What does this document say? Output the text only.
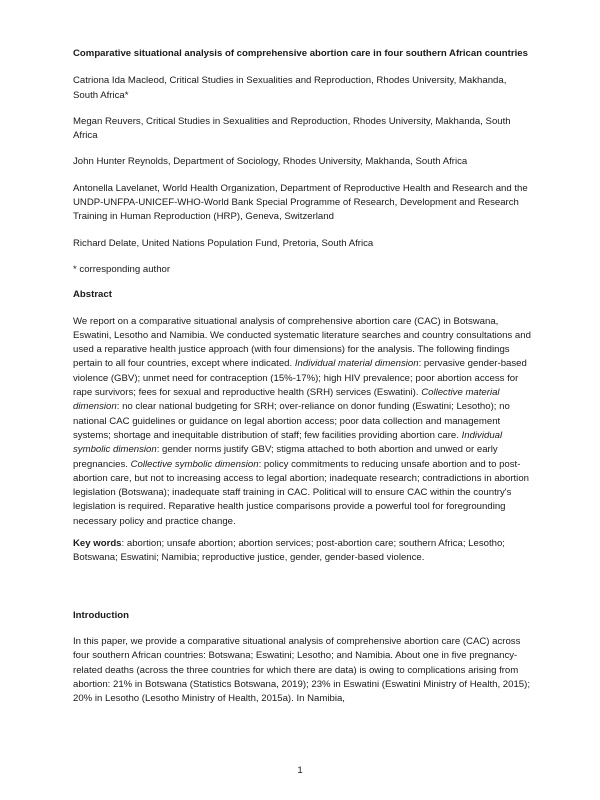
Comparative situational analysis of comprehensive abortion care in four southern African countries

Catriona Ida Macleod, Critical Studies in Sexualities and Reproduction, Rhodes University, Makhanda, South Africa*

Megan Reuvers, Critical Studies in Sexualities and Reproduction, Rhodes University, Makhanda, South Africa

John Hunter Reynolds, Department of Sociology, Rhodes University, Makhanda, South Africa

Antonella Lavelanet, World Health Organization, Department of Reproductive Health and Research and the UNDP-UNFPA-UNICEF-WHO-World Bank Special Programme of Research, Development and Research Training in Human Reproduction (HRP), Geneva, Switzerland

Richard Delate, United Nations Population Fund, Pretoria, South Africa

* corresponding author

Abstract

We report on a comparative situational analysis of comprehensive abortion care (CAC) in Botswana, Eswatini, Lesotho and Namibia. We conducted systematic literature searches and country consultations and used a reparative health justice approach (with four dimensions) for the analysis. The following findings pertain to all four countries, except where indicated. Individual material dimension: pervasive gender-based violence (GBV); unmet need for contraception (15%-17%); high HIV prevalence; poor abortion access for rape survivors; fees for sexual and reproductive health (SRH) services (Eswatini). Collective material dimension: no clear national budgeting for SRH; over-reliance on donor funding (Eswatini; Lesotho); no national CAC guidelines or guidance on legal abortion access; poor data collection and management systems; shortage and inequitable distribution of staff; few facilities providing abortion care. Individual symbolic dimension: gender norms justify GBV; stigma attached to both abortion and unwed or early pregnancies. Collective symbolic dimension: policy commitments to reducing unsafe abortion and to post-abortion care, but not to increasing access to legal abortion; inadequate research; contradictions in abortion legislation (Botswana); inadequate staff training in CAC. Political will to ensure CAC within the country's legislation is required. Reparative health justice comparisons provide a powerful tool for foregrounding necessary policy and practice change.

Key words: abortion; unsafe abortion; abortion services; post-abortion care; southern Africa; Lesotho; Botswana; Eswatini; Namibia; reproductive justice, gender, gender-based violence.

Introduction

In this paper, we provide a comparative situational analysis of comprehensive abortion care (CAC) across four southern African countries: Botswana; Eswatini; Lesotho; and Namibia. About one in five pregnancy-related deaths (across the three countries for which there are data) is owing to complications arising from abortion: 21% in Botswana (Statistics Botswana, 2019); 23% in Eswatini (Eswatini Ministry of Health, 2015); 20% in Lesotho (Lesotho Ministry of Health, 2015a). In Namibia,

1
